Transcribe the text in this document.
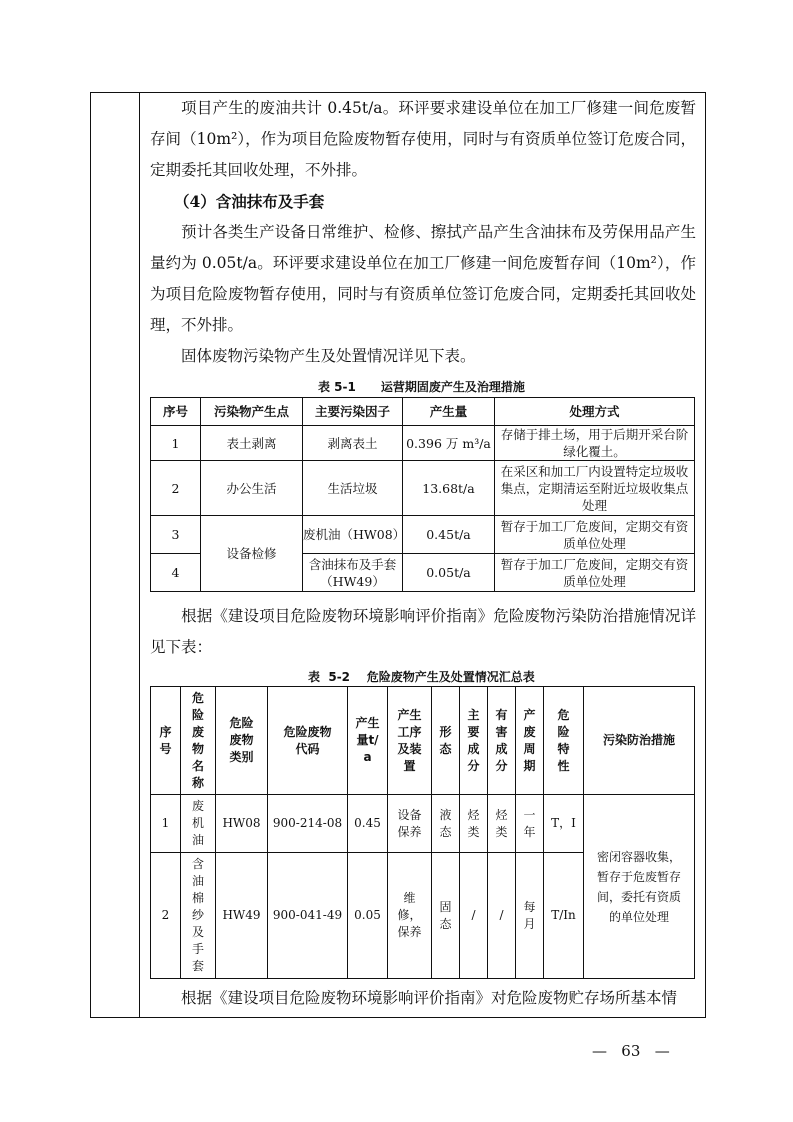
项目产生的废油共计 0.45t/a。环评要求建设单位在加工厂修建一间危废暂存间（10m²），作为项目危险废物暂存使用，同时与有资质单位签订危废合同，定期委托其回收处理，不外排。

（4）含油抹布及手套

预计各类生产设备日常维护、检修、擦拭产品产生含油抹布及劳保用品产生量约为 0.05t/a。环评要求建设单位在加工厂修建一间危废暂存间（10m²），作为项目危险废物暂存使用，同时与有资质单位签订危废合同，定期委托其回收处理，不外排。

固体废物污染物产生及处置情况详见下表。

表 5-1      运营期固废产生及治理措施
序号	污染物产生点	主要污染因子	产生量	处理方式
1	表土剥离	剥离表土	0.396 万 m³/a	存储于排土场，用于后期开采台阶绿化覆土。
2	办公生活	生活垃圾	13.68t/a	在采区和加工厂内设置特定垃圾收集点，定期清运至附近垃圾收集点处理
3	设备检修	废机油（HW08）	0.45t/a	暂存于加工厂危废间，定期交有资质单位处理
4		含油抹布及手套（HW49）	0.05t/a	暂存于加工厂危废间，定期交有资质单位处理

根据《建设项目危险废物环境影响评价指南》危险废物污染防治措施情况详见下表：

表  5-2    危险废物产生及处置情况汇总表
序号	危险废物名称	危险废物类别	危险废物代码	产生量t/a	产生工序及装置	形态	主要成分	有害成分	产废周期	危险特性	污染防治措施
1	废机油	HW08	900-214-08	0.45	设备保养	液态	烃类	烃类	一年	T，I	密闭容器收集，暂存于危废暂存间，委托有资质的单位处理
2	含油棉纱及手套	HW49	900-041-49	0.05	维修，保养	固态	/	/	每月	T/In	

根据《建设项目危险废物环境影响评价指南》对危险废物贮存场所基本情

—   63   —
